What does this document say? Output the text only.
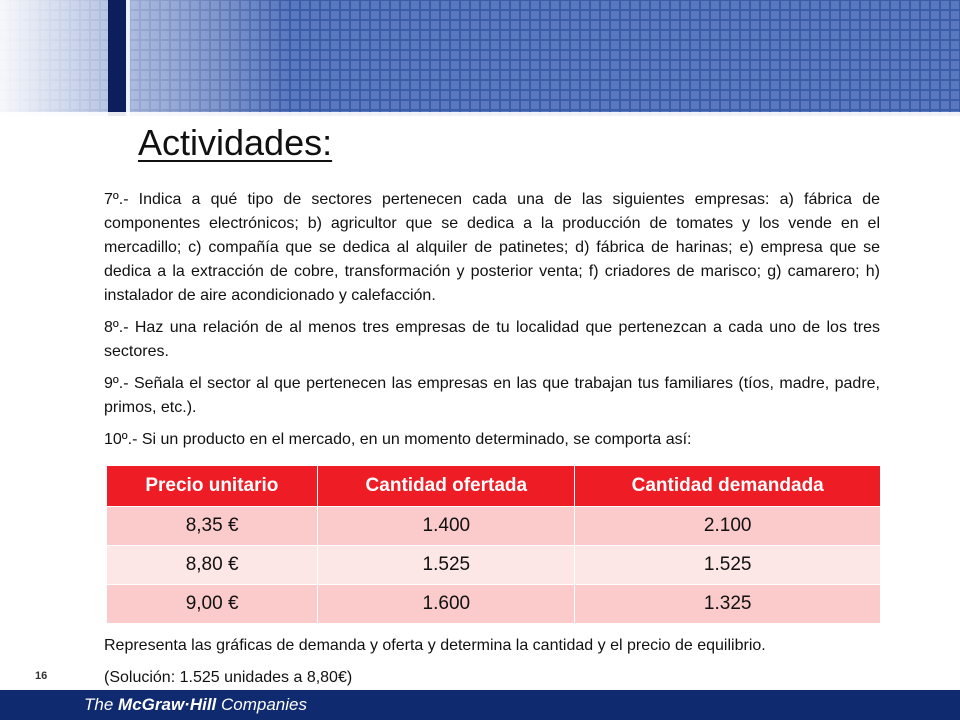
Actividades:

7º.- Indica a qué tipo de sectores pertenecen cada una de las siguientes empresas: a) fábrica de componentes electrónicos; b) agricultor que se dedica a la producción de tomates y los vende en el mercadillo; c) compañía que se dedica al alquiler de patinetes; d) fábrica de harinas; e) empresa que se dedica a la extracción de cobre, transformación y posterior venta; f) criadores de marisco; g) camarero; h) instalador de aire acondicionado y calefacción.

8º.- Haz una relación de al menos tres empresas de tu localidad que pertenezcan a cada uno de los tres sectores.

9º.- Señala el sector al que pertenecen las empresas en las que trabajan tus familiares (tíos, madre, padre, primos, etc.).

10º.- Si un producto en el mercado, en un momento determinado, se comporta así:

Precio unitario	Cantidad ofertada	Cantidad demandada
8,35 €	1.400	2.100
8,80 €	1.525	1.525
9,00 €	1.600	1.325

Representa las gráficas de demanda y oferta y determina la cantidad y el precio de equilibrio.

(Solución: 1.525 unidades a 8,80€)

16
The McGraw·Hill Companies
